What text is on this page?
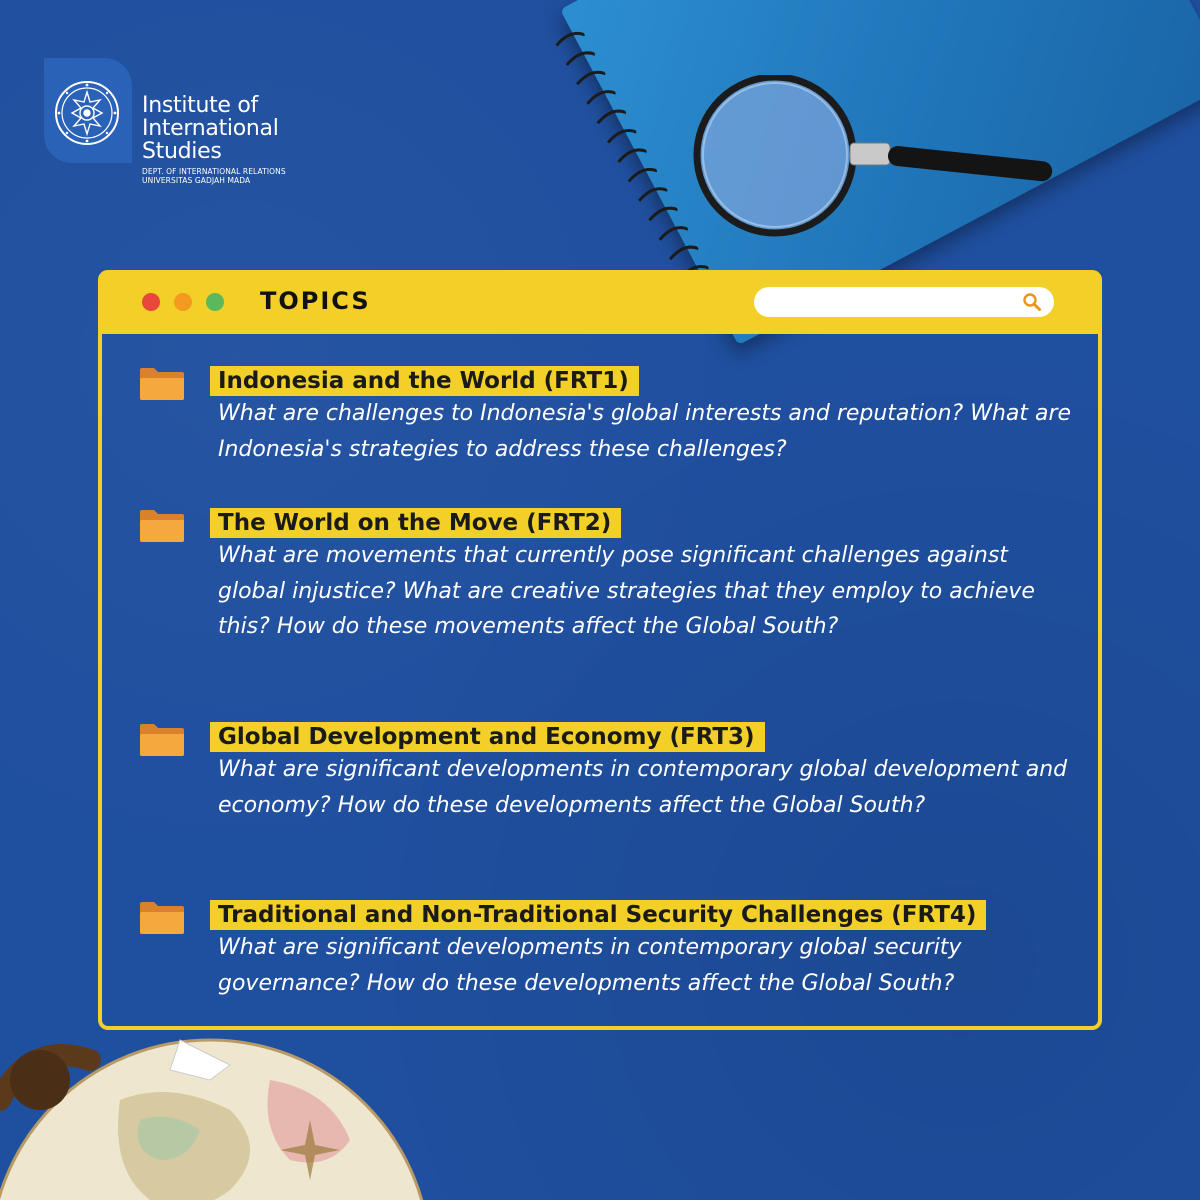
Institute of
International
Studies
DEPT. OF INTERNATIONAL RELATIONS
UNIVERSITAS GADJAH MADA
TOPICS
Indonesia and the World (FRT1)
What are challenges to Indonesia's global interests and reputation? What are Indonesia's strategies to address these challenges?
The World on the Move (FRT2)
What are movements that currently pose significant challenges against global injustice? What are creative strategies that they employ to achieve this? How do these movements affect the Global South?
Global Development and Economy (FRT3)
What are significant developments in contemporary global development and economy? How do these developments affect the Global South?
Traditional and Non-Traditional Security Challenges (FRT4)
What are significant developments in contemporary global security governance? How do these developments affect the Global South?
